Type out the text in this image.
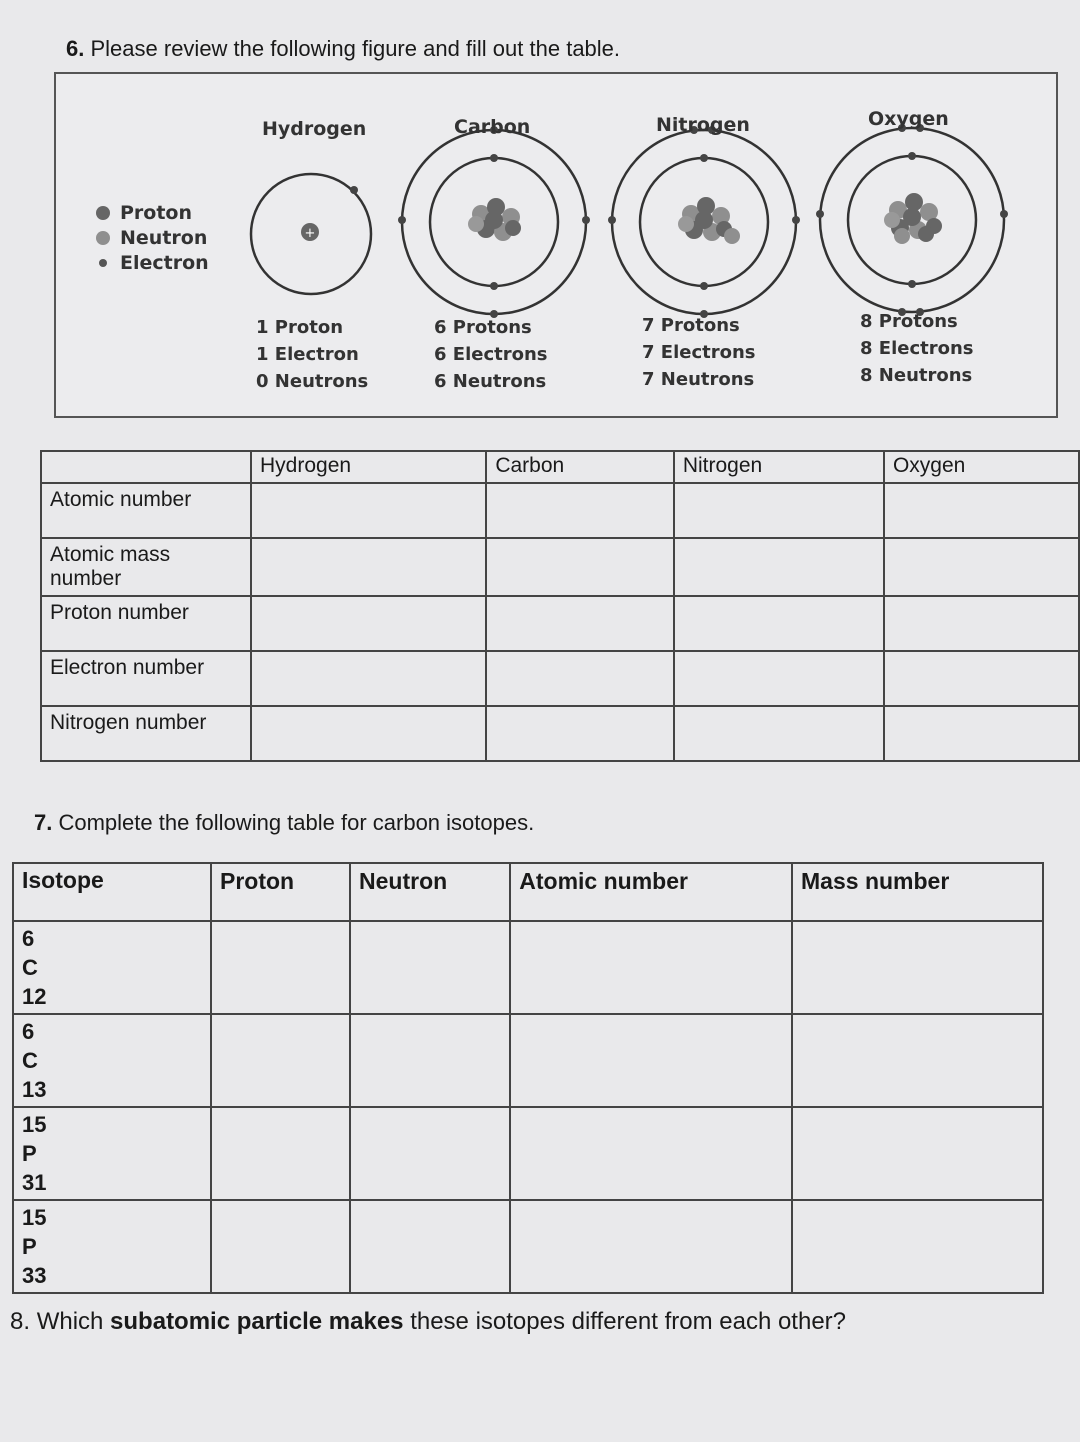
6. Please review the following figure and fill out the table.
+
Hydrogen	Carbon	Nitrogen	Oxygen
Proton
Neutron
Electron
1 Proton
1 Electron
0 Neutrons
6 Protons
6 Electrons
6 Neutrons
7 Protons
7 Electrons
7 Neutrons
8 Protons
8 Electrons
8 Neutrons
	Hydrogen	Carbon	Nitrogen	Oxygen
Atomic number				
Atomic mass number				
Proton number				
Electron number				
Nitrogen number				
7. Complete the following table for carbon isotopes.
Isotope	Proton	Neutron	Atomic number	Mass number

6
C
12				

6
C
13				

15
P
31				

15
P
33				

8. Which subatomic particle makes these isotopes different from each other?
